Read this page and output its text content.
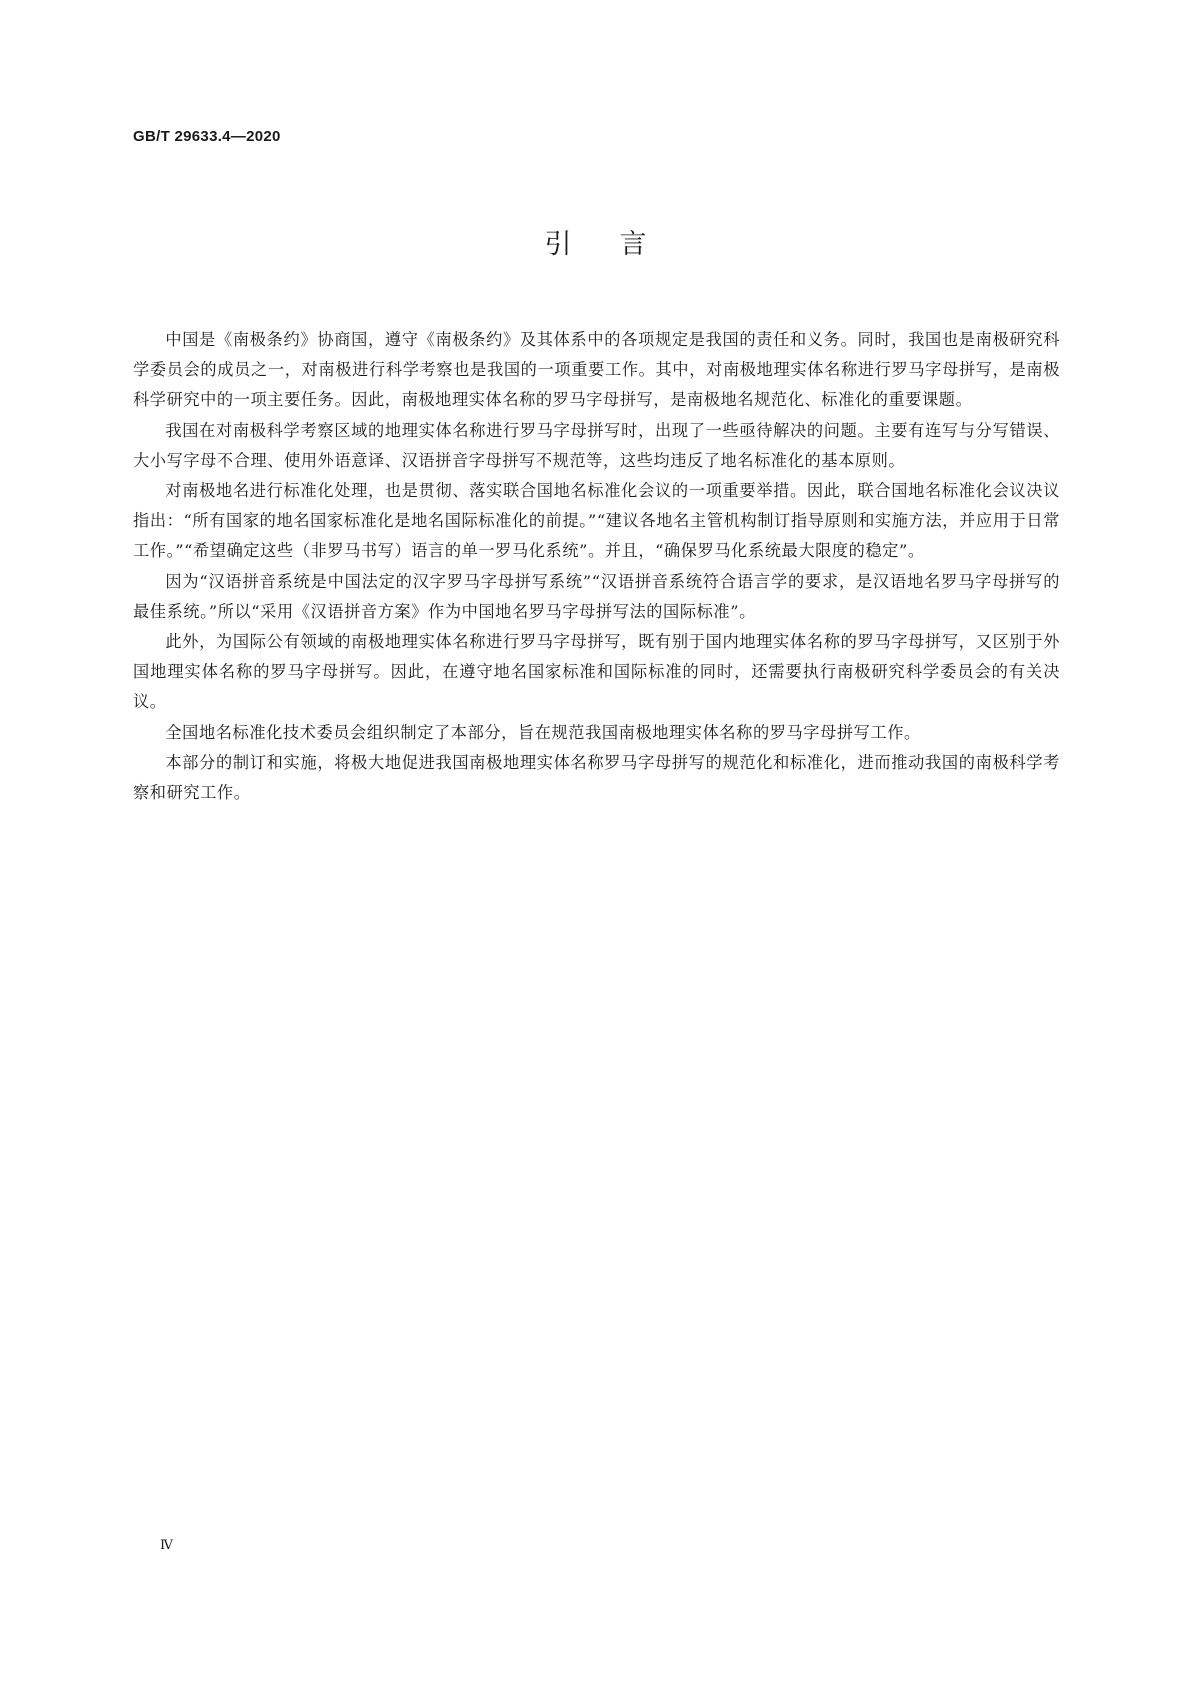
GB/T 29633.4—2020
引言

中国是《南极条约》协商国，遵守《南极条约》及其体系中的各项规定是我国的责任和义务。同时，我国也是南极研究科学委员会的成员之一，对南极进行科学考察也是我国的一项重要工作。其中，对南极地理实体名称进行罗马字母拼写，是南极科学研究中的一项主要任务。因此，南极地理实体名称的罗马字母拼写，是南极地名规范化、标准化的重要课题。

我国在对南极科学考察区域的地理实体名称进行罗马字母拼写时，出现了一些亟待解决的问题。主要有连写与分写错误、大小写字母不合理、使用外语意译、汉语拼音字母拼写不规范等，这些均违反了地名标准化的基本原则。

对南极地名进行标准化处理，也是贯彻、落实联合国地名标准化会议的一项重要举措。因此，联合国地名标准化会议决议指出：“所有国家的地名国家标准化是地名国际标准化的前提。”“建议各地名主管机构制订指导原则和实施方法，并应用于日常工作。”“希望确定这些（非罗马书写）语言的单一罗马化系统”。并且，“确保罗马化系统最大限度的稳定”。

因为“汉语拼音系统是中国法定的汉字罗马字母拼写系统”“汉语拼音系统符合语言学的要求，是汉语地名罗马字母拼写的最佳系统。”所以“采用《汉语拼音方案》作为中国地名罗马字母拼写法的国际标准”。

此外，为国际公有领域的南极地理实体名称进行罗马字母拼写，既有别于国内地理实体名称的罗马字母拼写，又区别于外国地理实体名称的罗马字母拼写。因此，在遵守地名国家标准和国际标准的同时，还需要执行南极研究科学委员会的有关决议。

全国地名标准化技术委员会组织制定了本部分，旨在规范我国南极地理实体名称的罗马字母拼写工作。

本部分的制订和实施，将极大地促进我国南极地理实体名称罗马字母拼写的规范化和标准化，进而推动我国的南极科学考察和研究工作。

Ⅳ
